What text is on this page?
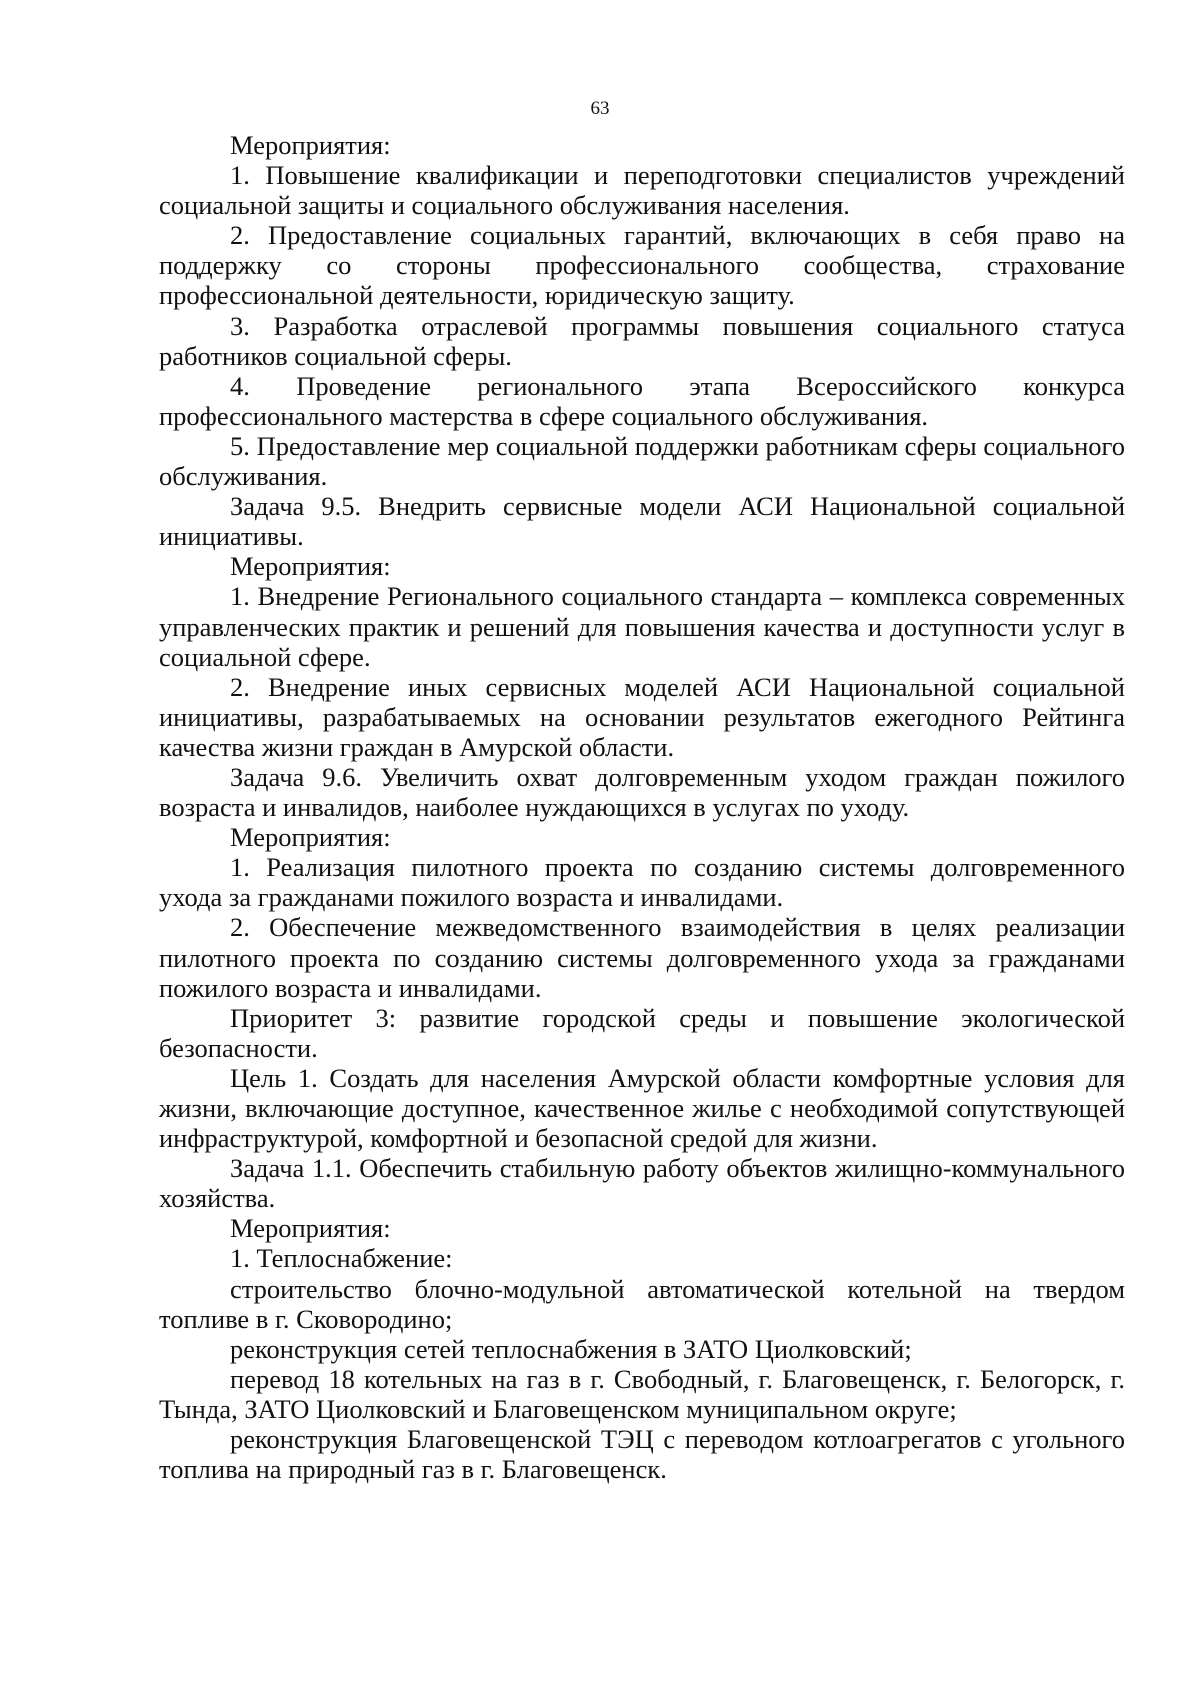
63

Мероприятия:

1. Повышение квалификации и переподготовки специалистов учреждений социальной защиты и социального обслуживания населения.

2. Предоставление социальных гарантий, включающих в себя право на поддержку со стороны профессионального сообщества, страхование профессиональной деятельности, юридическую защиту.

3. Разработка отраслевой программы повышения социального статуса работников социальной сферы.

4. Проведение регионального этапа Всероссийского конкурса профессионального мастерства в сфере социального обслуживания.

5. Предоставление мер социальной поддержки работникам сферы социального обслуживания.

Задача 9.5. Внедрить сервисные модели АСИ Национальной социальной инициативы.

Мероприятия:

1. Внедрение Регионального социального стандарта – комплекса современных управленческих практик и решений для повышения качества и доступности услуг в социальной сфере.

2. Внедрение иных сервисных моделей АСИ Национальной социальной инициативы, разрабатываемых на основании результатов ежегодного Рейтинга качества жизни граждан в Амурской области.

Задача 9.6. Увеличить охват долговременным уходом граждан пожилого возраста и инвалидов, наиболее нуждающихся в услугах по уходу.

Мероприятия:

1. Реализация пилотного проекта по созданию системы долговременного ухода за гражданами пожилого возраста и инвалидами.

2. Обеспечение межведомственного взаимодействия в целях реализации пилотного проекта по созданию системы долговременного ухода за гражданами пожилого возраста и инвалидами.

Приоритет 3: развитие городской среды и повышение экологической безопасности.

Цель 1. Создать для населения Амурской области комфортные условия для жизни, включающие доступное, качественное жилье с необходимой сопутствующей инфраструктурой, комфортной и безопасной средой для жизни.

Задача 1.1. Обеспечить стабильную работу объектов жилищно-коммунального хозяйства.

Мероприятия:

1. Теплоснабжение:

строительство блочно-модульной автоматической котельной на твердом топливе в г. Сковородино;

реконструкция сетей теплоснабжения в ЗАТО Циолковский;

перевод 18 котельных на газ в г. Свободный, г. Благовещенск, г. Белогорск, г. Тында, ЗАТО Циолковский и Благовещенском муниципальном округе;

реконструкция Благовещенской ТЭЦ с переводом котлоагрегатов с угольного топлива на природный газ в г. Благовещенск.
